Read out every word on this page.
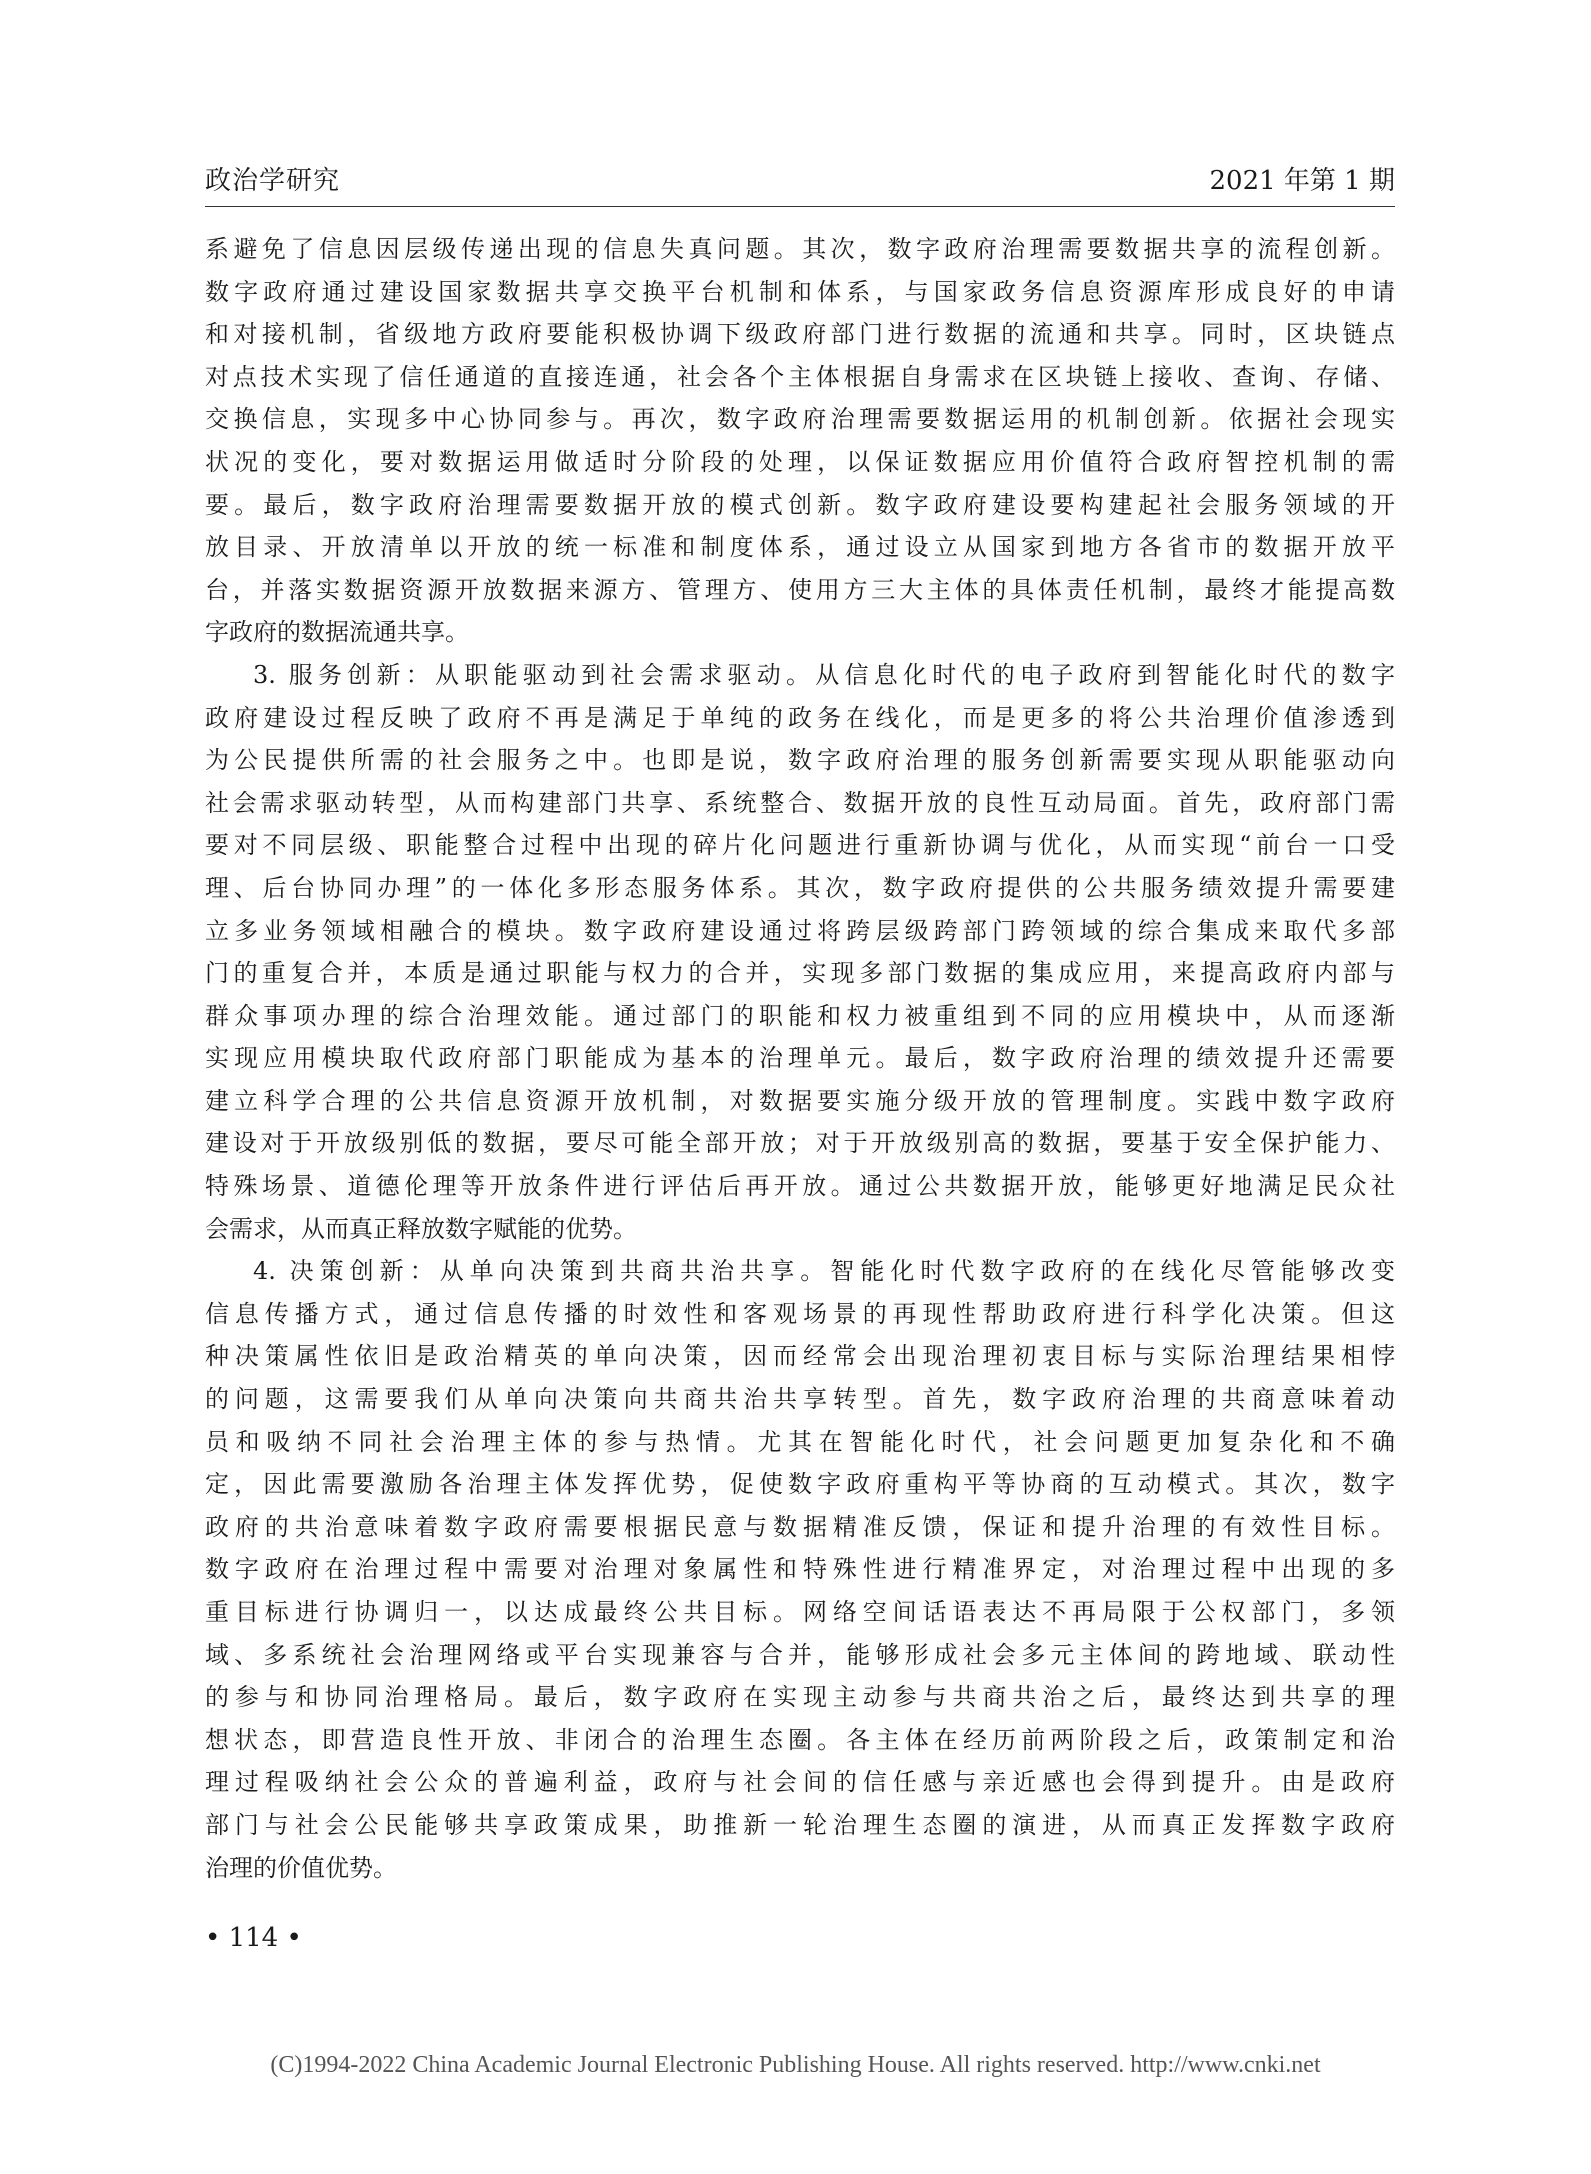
政治学研究	2021 年第 1 期
系避免了信息因层级传递出现的信息失真问题。其次，数字政府治理需要数据共享的流程创新。
数字政府通过建设国家数据共享交换平台机制和体系，与国家政务信息资源库形成良好的申请
和对接机制，省级地方政府要能积极协调下级政府部门进行数据的流通和共享。同时，区块链点
对点技术实现了信任通道的直接连通，社会各个主体根据自身需求在区块链上接收、查询、存储、
交换信息，实现多中心协同参与。再次，数字政府治理需要数据运用的机制创新。依据社会现实
状况的变化，要对数据运用做适时分阶段的处理，以保证数据应用价值符合政府智控机制的需
要。最后，数字政府治理需要数据开放的模式创新。数字政府建设要构建起社会服务领域的开
放目录、开放清单以开放的统一标准和制度体系，通过设立从国家到地方各省市的数据开放平
台，并落实数据资源开放数据来源方、管理方、使用方三大主体的具体责任机制，最终才能提高数
字政府的数据流通共享。
3. 服务创新：从职能驱动到社会需求驱动。从信息化时代的电子政府到智能化时代的数字
政府建设过程反映了政府不再是满足于单纯的政务在线化，而是更多的将公共治理价值渗透到
为公民提供所需的社会服务之中。也即是说，数字政府治理的服务创新需要实现从职能驱动向
社会需求驱动转型，从而构建部门共享、系统整合、数据开放的良性互动局面。首先，政府部门需
要对不同层级、职能整合过程中出现的碎片化问题进行重新协调与优化，从而实现“前台一口受
理、后台协同办理”的一体化多形态服务体系。其次，数字政府提供的公共服务绩效提升需要建
立多业务领域相融合的模块。数字政府建设通过将跨层级跨部门跨领域的综合集成来取代多部
门的重复合并，本质是通过职能与权力的合并，实现多部门数据的集成应用，来提高政府内部与
群众事项办理的综合治理效能。通过部门的职能和权力被重组到不同的应用模块中，从而逐渐
实现应用模块取代政府部门职能成为基本的治理单元。最后，数字政府治理的绩效提升还需要
建立科学合理的公共信息资源开放机制，对数据要实施分级开放的管理制度。实践中数字政府
建设对于开放级别低的数据，要尽可能全部开放；对于开放级别高的数据，要基于安全保护能力、
特殊场景、道德伦理等开放条件进行评估后再开放。通过公共数据开放，能够更好地满足民众社
会需求，从而真正释放数字赋能的优势。
4. 决策创新：从单向决策到共商共治共享。智能化时代数字政府的在线化尽管能够改变
信息传播方式，通过信息传播的时效性和客观场景的再现性帮助政府进行科学化决策。但这
种决策属性依旧是政治精英的单向决策，因而经常会出现治理初衷目标与实际治理结果相悖
的问题，这需要我们从单向决策向共商共治共享转型。首先，数字政府治理的共商意味着动
员和吸纳不同社会治理主体的参与热情。尤其在智能化时代，社会问题更加复杂化和不确
定，因此需要激励各治理主体发挥优势，促使数字政府重构平等协商的互动模式。其次，数字
政府的共治意味着数字政府需要根据民意与数据精准反馈，保证和提升治理的有效性目标。
数字政府在治理过程中需要对治理对象属性和特殊性进行精准界定，对治理过程中出现的多
重目标进行协调归一，以达成最终公共目标。网络空间话语表达不再局限于公权部门，多领
域、多系统社会治理网络或平台实现兼容与合并，能够形成社会多元主体间的跨地域、联动性
的参与和协同治理格局。最后，数字政府在实现主动参与共商共治之后，最终达到共享的理
想状态，即营造良性开放、非闭合的治理生态圈。各主体在经历前两阶段之后，政策制定和治
理过程吸纳社会公众的普遍利益，政府与社会间的信任感与亲近感也会得到提升。由是政府
部门与社会公民能够共享政策成果，助推新一轮治理生态圈的演进，从而真正发挥数字政府
治理的价值优势。
• 114 •
(C)1994-2022 China Academic Journal Electronic Publishing House. All rights reserved. http://www.cnki.net
